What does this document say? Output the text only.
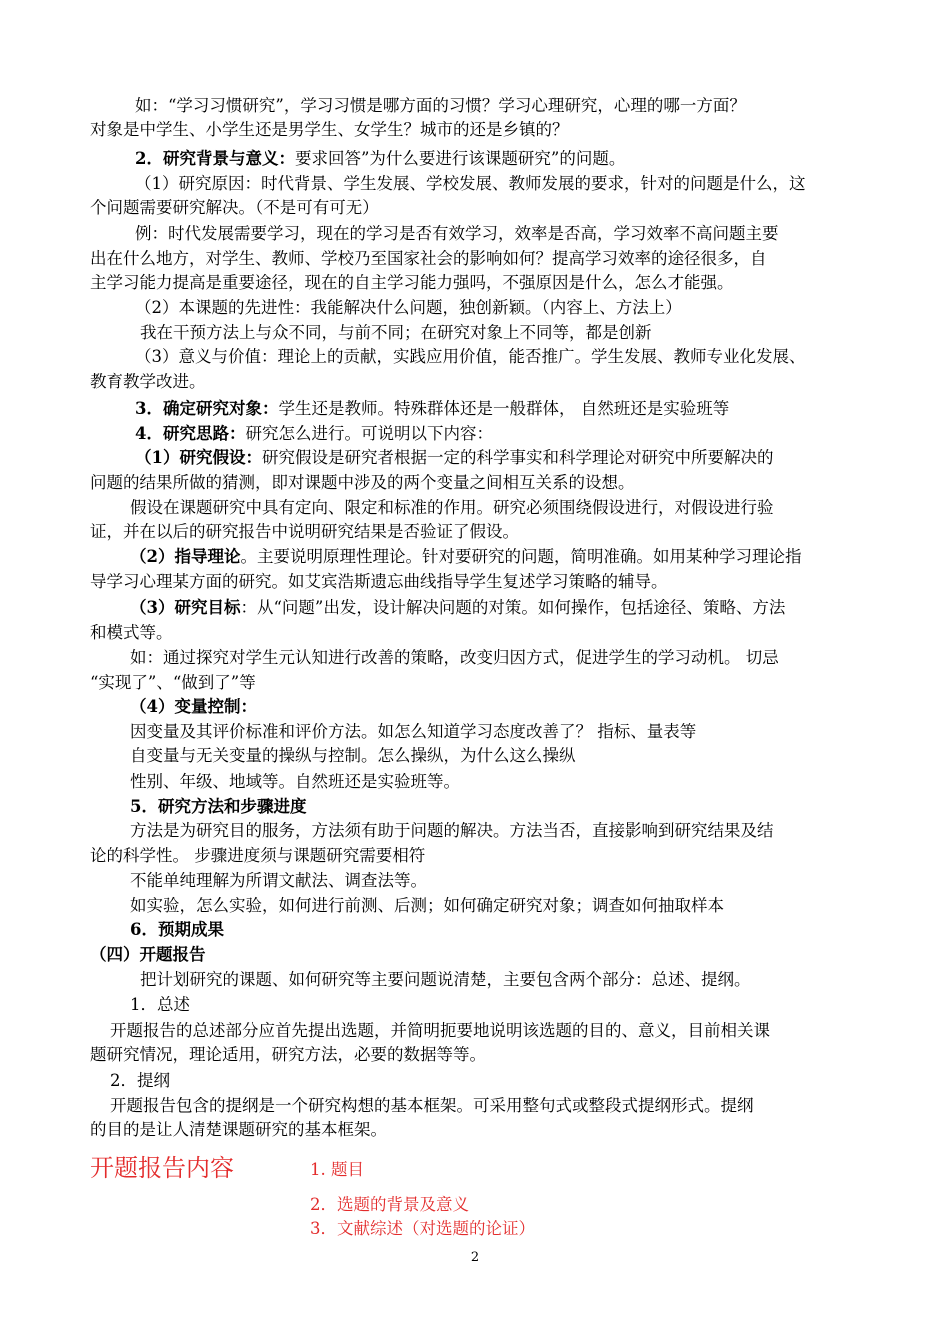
如：“学习习惯研究”，学习习惯是哪方面的习惯？学习心理研究，心理的哪一方面？
对象是中学生、小学生还是男学生、女学生？城市的还是乡镇的？
2．研究背景与意义：要求回答”为什么要进行该课题研究”的问题。
（1）研究原因：时代背景、学生发展、学校发展、教师发展的要求，针对的问题是什么，这
个问题需要研究解决。（不是可有可无）
例：时代发展需要学习，现在的学习是否有效学习，效率是否高，学习效率不高问题主要
出在什么地方，对学生、教师、学校乃至国家社会的影响如何？提高学习效率的途径很多，自
主学习能力提高是重要途径，现在的自主学习能力强吗，不强原因是什么，怎么才能强。
（2）本课题的先进性：我能解决什么问题，独创新颖。（内容上、方法上）
我在干预方法上与众不同，与前不同；在研究对象上不同等，都是创新
（3）意义与价值：理论上的贡献，实践应用价值，能否推广。学生发展、教师专业化发展、
教育教学改进。
3．确定研究对象：学生还是教师。特殊群体还是一般群体， 自然班还是实验班等
4．研究思路：研究怎么进行。可说明以下内容：
（1）研究假设：研究假设是研究者根据一定的科学事实和科学理论对研究中所要解决的
问题的结果所做的猜测，即对课题中涉及的两个变量之间相互关系的设想。
假设在课题研究中具有定向、限定和标准的作用。研究必须围绕假设进行，对假设进行验
证，并在以后的研究报告中说明研究结果是否验证了假设。
（2）指导理论。主要说明原理性理论。针对要研究的问题，简明准确。如用某种学习理论指
导学习心理某方面的研究。如艾宾浩斯遗忘曲线指导学生复述学习策略的辅导。
（3）研究目标：从“问题”出发，设计解决问题的对策。如何操作，包括途径、策略、方法
和模式等。
如：通过探究对学生元认知进行改善的策略，改变归因方式，促进学生的学习动机。 切忌
“实现了”、“做到了”等
（4）变量控制：
因变量及其评价标准和评价方法。如怎么知道学习态度改善了？ 指标、量表等
自变量与无关变量的操纵与控制。怎么操纵，为什么这么操纵
性别、年级、地域等。自然班还是实验班等。
5．研究方法和步骤进度
方法是为研究目的服务，方法须有助于问题的解决。方法当否，直接影响到研究结果及结
论的科学性。 步骤进度须与课题研究需要相符
不能单纯理解为所谓文献法、调查法等。
如实验，怎么实验，如何进行前测、后测；如何确定研究对象；调查如何抽取样本
6．预期成果
（四）开题报告
把计划研究的课题、如何研究等主要问题说清楚，主要包含两个部分：总述、提纲。
1．总述
开题报告的总述部分应首先提出选题，并简明扼要地说明该选题的目的、意义，目前相关课
题研究情况，理论适用，研究方法，必要的数据等等。
2．提纲
开题报告包含的提纲是一个研究构想的基本框架。可采用整句式或整段式提纲形式。提纲
的目的是让人清楚课题研究的基本框架。
开题报告内容	1. 题目
2．选题的背景及意义
3．文献综述（对选题的论证）
2
